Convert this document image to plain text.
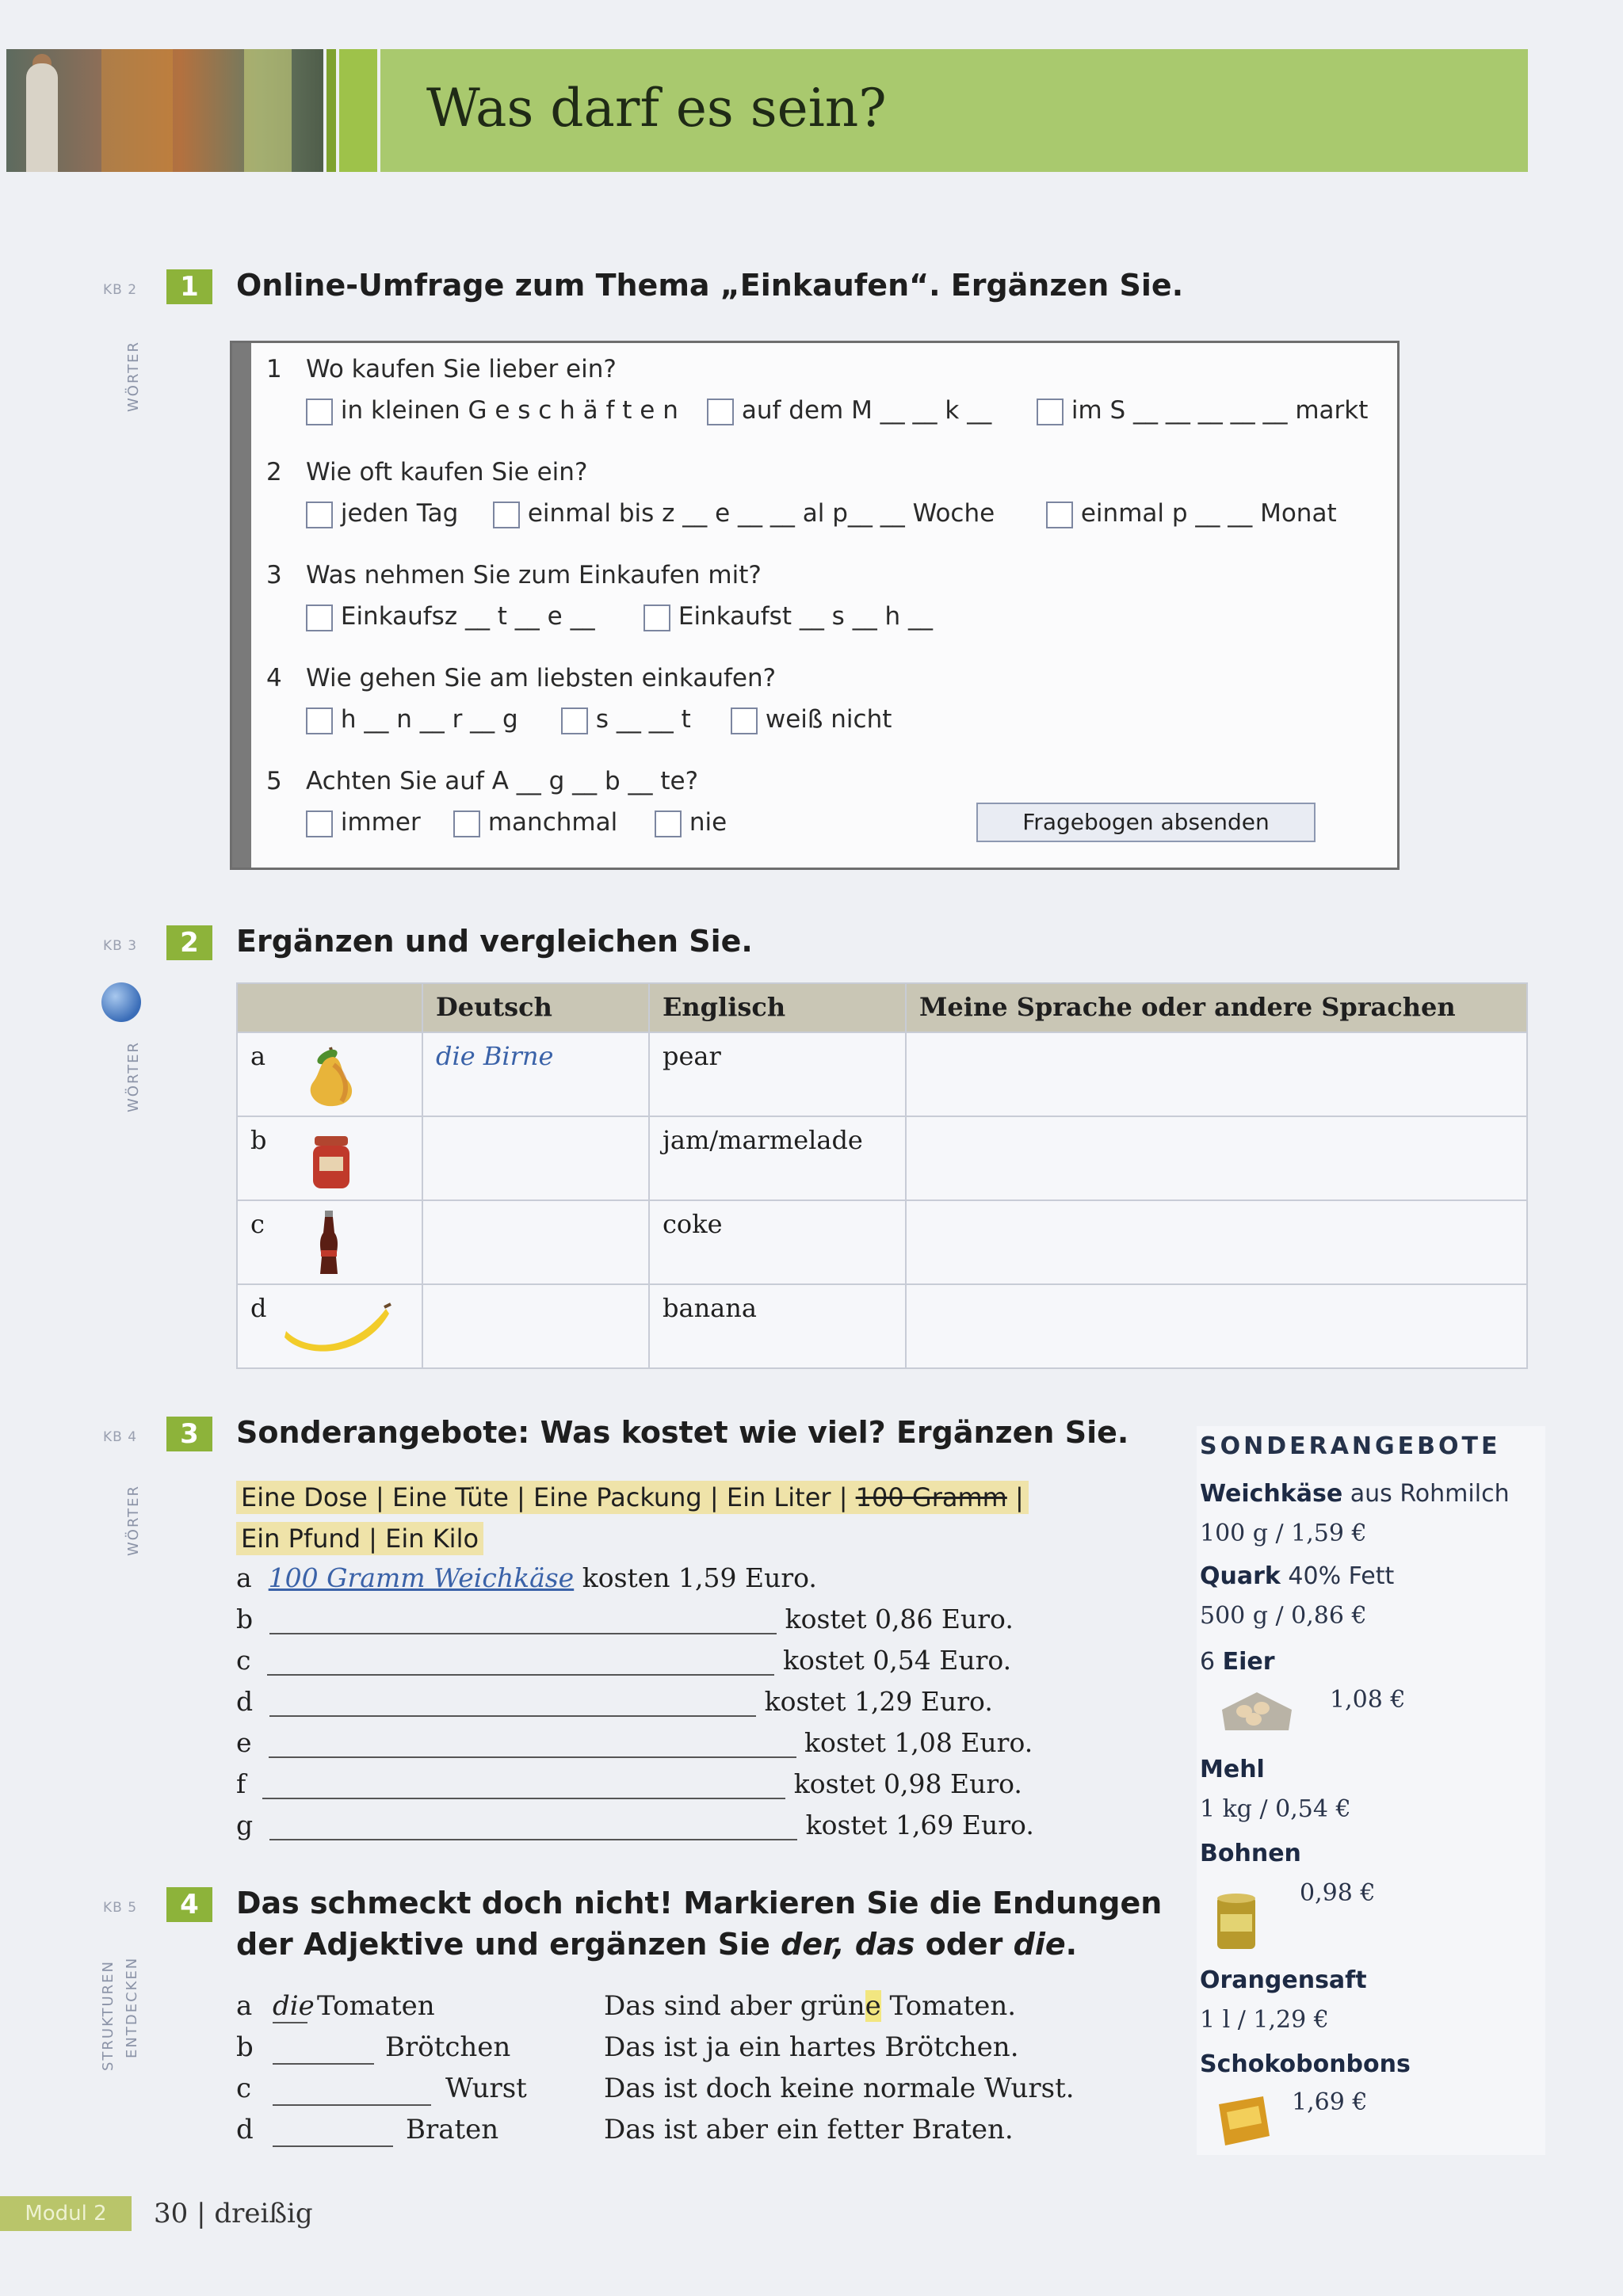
Was darf es sein?
KB 2	1	Online-Umfrage zum Thema „Einkaufen“. Ergänzen Sie.
WÖRTER	1 Wo kaufen Sie lieber ein?
in kleinen G e s c h ä f t e n	auf dem M __ __ k __	im S __ __ __ __ __ markt
2 Wie oft kaufen Sie ein?
jeden Tag	einmal bis z __ e __ __ al p__ __ Woche	einmal p __ __ Monat
3 Was nehmen Sie zum Einkaufen mit?
Einkaufsz __ t __ e __	Einkaufst __ s __ h __
4 Wie gehen Sie am liebsten einkaufen?
h __ n __ r __ g	s __ __ t	weiß nicht
5 Achten Sie auf A __ g __ b __ te?
immer	manchmal	nie	Fragebogen absenden
KB 3	2	Ergänzen und vergleichen Sie.
WÖRTER
	Deutsch	Englisch	Meine Sprache oder andere Sprachen
a	die Birne	pear	
b		jam/marmelade	
c		coke	
d		banana	
KB 4	3	Sonderangebote: Was kostet wie viel? Ergänzen Sie.
WÖRTER	Eine Dose | Eine Tüte | Eine Packung | Ein Liter | 100 Gramm |
Ein Pfund | Ein Kilo
a 100 Gramm Weichkäse kosten 1,59 Euro.
b	kostet 0,86 Euro.
c	kostet 0,54 Euro.
d	kostet 1,29 Euro.
e	kostet 1,08 Euro.
f	kostet 0,98 Euro.
g	kostet 1,69 Euro.
SONDERANGEBOTE
Weichkäse aus Rohmilch
100 g / 1,59 €
Quark 40% Fett
500 g / 0,86 €
6 Eier
1,08 €
Mehl
1 kg / 0,54 €
Bohnen
0,98 €
Orangensaft
1 l / 1,29 €
Schokobonbons
1,69 €
KB 5	4	Das schmeckt doch nicht! Markieren Sie die Endungen
der Adjektive und ergänzen Sie der, das oder die.
STRUKTUREN ENTDECKEN	a die Tomaten	Das sind aber grüne Tomaten.
b	Brötchen	Das ist ja ein hartes Brötchen.
c	Wurst	Das ist doch keine normale Wurst.
d	Braten	Das ist aber ein fetter Braten.
Modul 2	30 | dreißig
